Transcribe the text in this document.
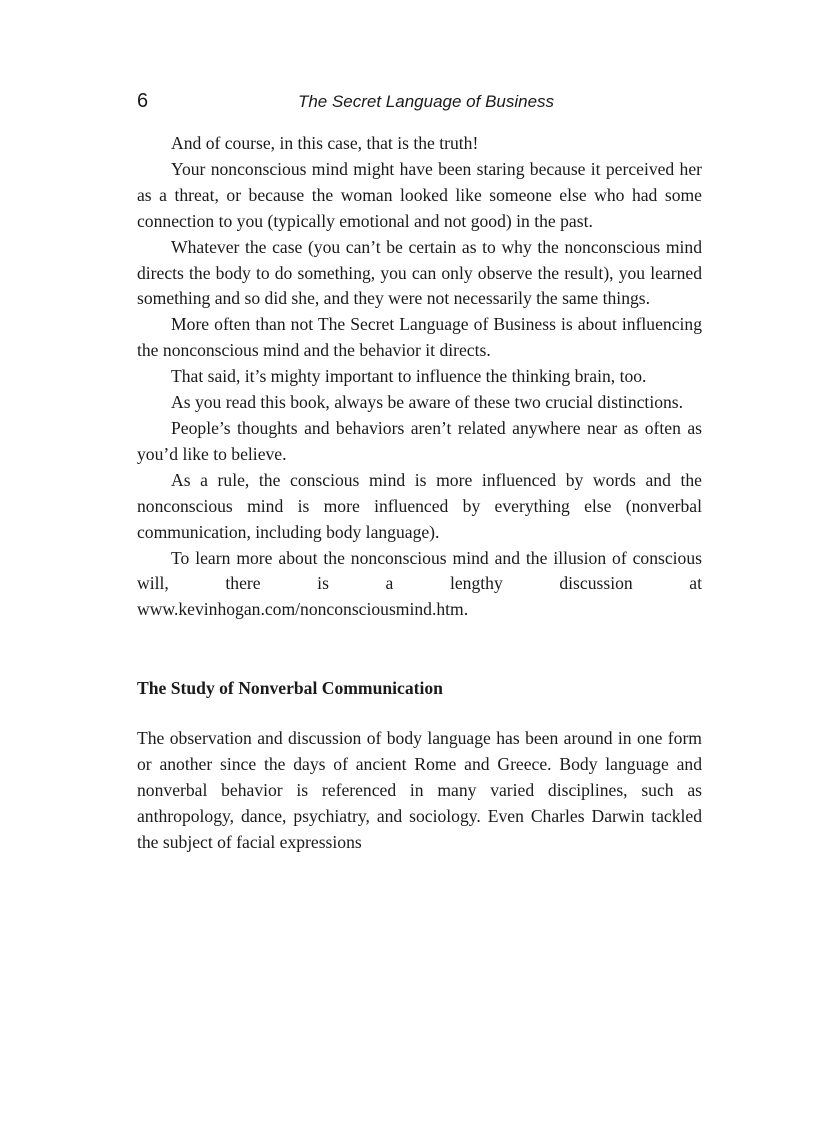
6	The Secret Language of Business

And of course, in this case, that is the truth!

Your nonconscious mind might have been staring because it perceived her as a threat, or because the woman looked like someone else who had some connection to you (typically emotional and not good) in the past.

Whatever the case (you can’t be certain as to why the nonconscious mind directs the body to do something, you can only observe the result), you learned something and so did she, and they were not necessarily the same things.

More often than not The Secret Language of Business is about influencing the nonconscious mind and the behavior it directs.

That said, it’s mighty important to influence the thinking brain, too.

As you read this book, always be aware of these two crucial distinctions.

People’s thoughts and behaviors aren’t related anywhere near as often as you’d like to believe.

As a rule, the conscious mind is more influenced by words and the nonconscious mind is more influenced by everything else (nonverbal communication, including body language).

To learn more about the nonconscious mind and the illusion of conscious will, there is a lengthy discussion at www.kevinhogan.com/nonconsciousmind.htm.

The Study of Nonverbal Communication

The observation and discussion of body language has been around in one form or another since the days of ancient Rome and Greece. Body language and nonverbal behavior is referenced in many varied disciplines, such as anthropology, dance, psychiatry, and sociology. Even Charles Darwin tackled the subject of facial expressions
